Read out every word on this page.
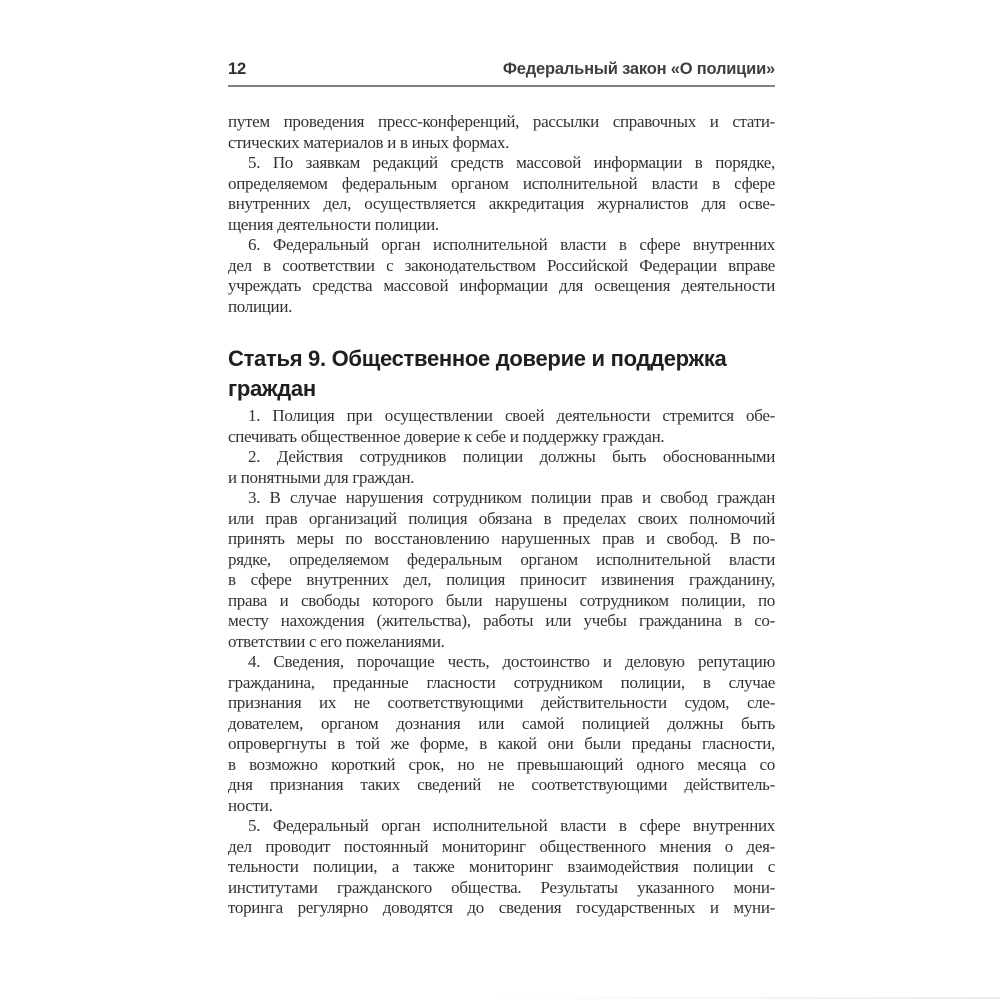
12	Федеральный закон «О полиции»
путем проведения пресс-конференций, рассылки справочных и стати-
стических материалов и в иных формах.
5. По заявкам редакций средств массовой информации в порядке,
определяемом федеральным органом исполнительной власти в сфере
внутренних дел, осуществляется аккредитация журналистов для осве-
щения деятельности полиции.
6. Федеральный орган исполнительной власти в сфере внутренних
дел в соответствии с законодательством Российской Федерации вправе
учреждать средства массовой информации для освещения деятельности
полиции.
Статья 9. Общественное доверие и поддержка
граждан
1. Полиция при осуществлении своей деятельности стремится обе-
спечивать общественное доверие к себе и поддержку граждан.
2. Действия сотрудников полиции должны быть обоснованными
и понятными для граждан.
3. В случае нарушения сотрудником полиции прав и свобод граждан
или прав организаций полиция обязана в пределах своих полномочий
принять меры по восстановлению нарушенных прав и свобод. В по-
рядке, определяемом федеральным органом исполнительной власти
в сфере внутренних дел, полиция приносит извинения гражданину,
права и свободы которого были нарушены сотрудником полиции, по
месту нахождения (жительства), работы или учебы гражданина в со-
ответствии с его пожеланиями.
4. Сведения, порочащие честь, достоинство и деловую репутацию
гражданина, преданные гласности сотрудником полиции, в случае
признания их не соответствующими действительности судом, сле-
дователем, органом дознания или самой полицией должны быть
опровергнуты в той же форме, в какой они были преданы гласности,
в возможно короткий срок, но не превышающий одного месяца со
дня признания таких сведений не соответствующими действитель-
ности.
5. Федеральный орган исполнительной власти в сфере внутренних
дел проводит постоянный мониторинг общественного мнения о дея-
тельности полиции, а также мониторинг взаимодействия полиции с
институтами гражданского общества. Результаты указанного мони-
торинга регулярно доводятся до сведения государственных и муни-
